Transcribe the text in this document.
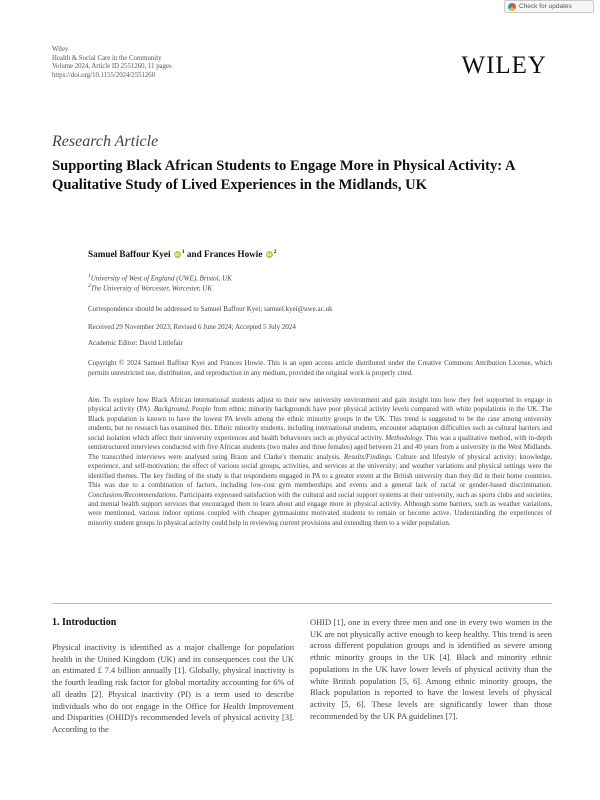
Check for updates
Wiley
Health & Social Care in the Community
Volume 2024, Article ID 2551260, 11 pages
https://doi.org/10.1155/2024/2551260	WILEY
Research Article
Supporting Black African Students to Engage More in Physical Activity: A Qualitative Study of Lived Experiences in the Midlands, UK
Samuel Baffour Kyei iD $^1$ and Frances Howie iD $^2$
$^1$University of West of England (UWE), Bristol, UK
$^2$The University of Worcester, Worcester, UK
Correspondence should be addressed to Samuel Baffour Kyei; samuel.kyei@uwe.ac.uk
Received 29 November 2023; Revised 6 June 2024; Accepted 5 July 2024
Academic Editor: David Littlefair
Copyright © 2024 Samuel Baffour Kyei and Frances Howie. This is an open access article distributed under the Creative Commons Attribution License, which permits unrestricted use, distribution, and reproduction in any medium, provided the original work is properly cited.
Aim. To explore how Black African international students adjust to their new university environment and gain insight into how they feel supported to engage in physical activity (PA). Background. People from ethnic minority backgrounds have poor physical activity levels compared with white populations in the UK. The Black population is known to have the lowest PA levels among the ethnic minority groups in the UK. This trend is suggested to be the case among university students, but no research has examined this. Ethnic minority students, including international students, encounter adaptation difficulties such as cultural barriers and social isolation which affect their university experiences and health behaviours such as physical activity. Methodology. This was a qualitative method, with in-depth semistructured interviews conducted with five African students (two males and three females) aged between 21 and 40 years from a university in the West Midlands. The transcribed interviews were analysed using Braun and Clarke's thematic analysis. Results/Findings. Culture and lifestyle of physical activity; knowledge, experience, and self-motivation; the effect of various social groups, activities, and services at the university; and weather variations and physical settings were the identified themes. The key finding of the study is that respondents engaged in PA to a greater extent at the British university than they did in their home countries. This was due to a combination of factors, including low-cost gym memberships and events and a general lack of racial or gender-based discrimination. Conclusions/Recommendations. Participants expressed satisfaction with the cultural and social support systems at their university, such as sports clubs and societies, and mental health support services that encouraged them to learn about and engage more in physical activity. Although some barriers, such as weather variations, were mentioned, various indoor options coupled with cheaper gymnasiums motivated students to remain or become active. Understanding the experiences of minority student groups in physical activity could help in reviewing current provisions and extending them to a wider population.
1. Introduction
Physical inactivity is identified as a major challenge for population health in the United Kingdom (UK) and its consequences cost the UK an estimated £ 7.4 billion annually [1]. Globally, physical inactivity is the fourth leading risk factor for global mortality accounting for 6% of all deaths [2]. Physical inactivity (PI) is a term used to describe individuals who do not engage in the Office for Health Improvement and Disparities (OHID)'s recommended levels of physical activity [3]. According to the
OHID [1], one in every three men and one in every two women in the UK are not physically active enough to keep healthy. This trend is seen across different population groups and is identified as severe among ethnic minority groups in the UK [4]. Black and minority ethnic populations in the UK have lower levels of physical activity than the white British population [5, 6]. Among ethnic minority groups, the Black population is reported to have the lowest levels of physical activity [5, 6]. These levels are significantly lower than those recommended by the UK PA guidelines [7].
